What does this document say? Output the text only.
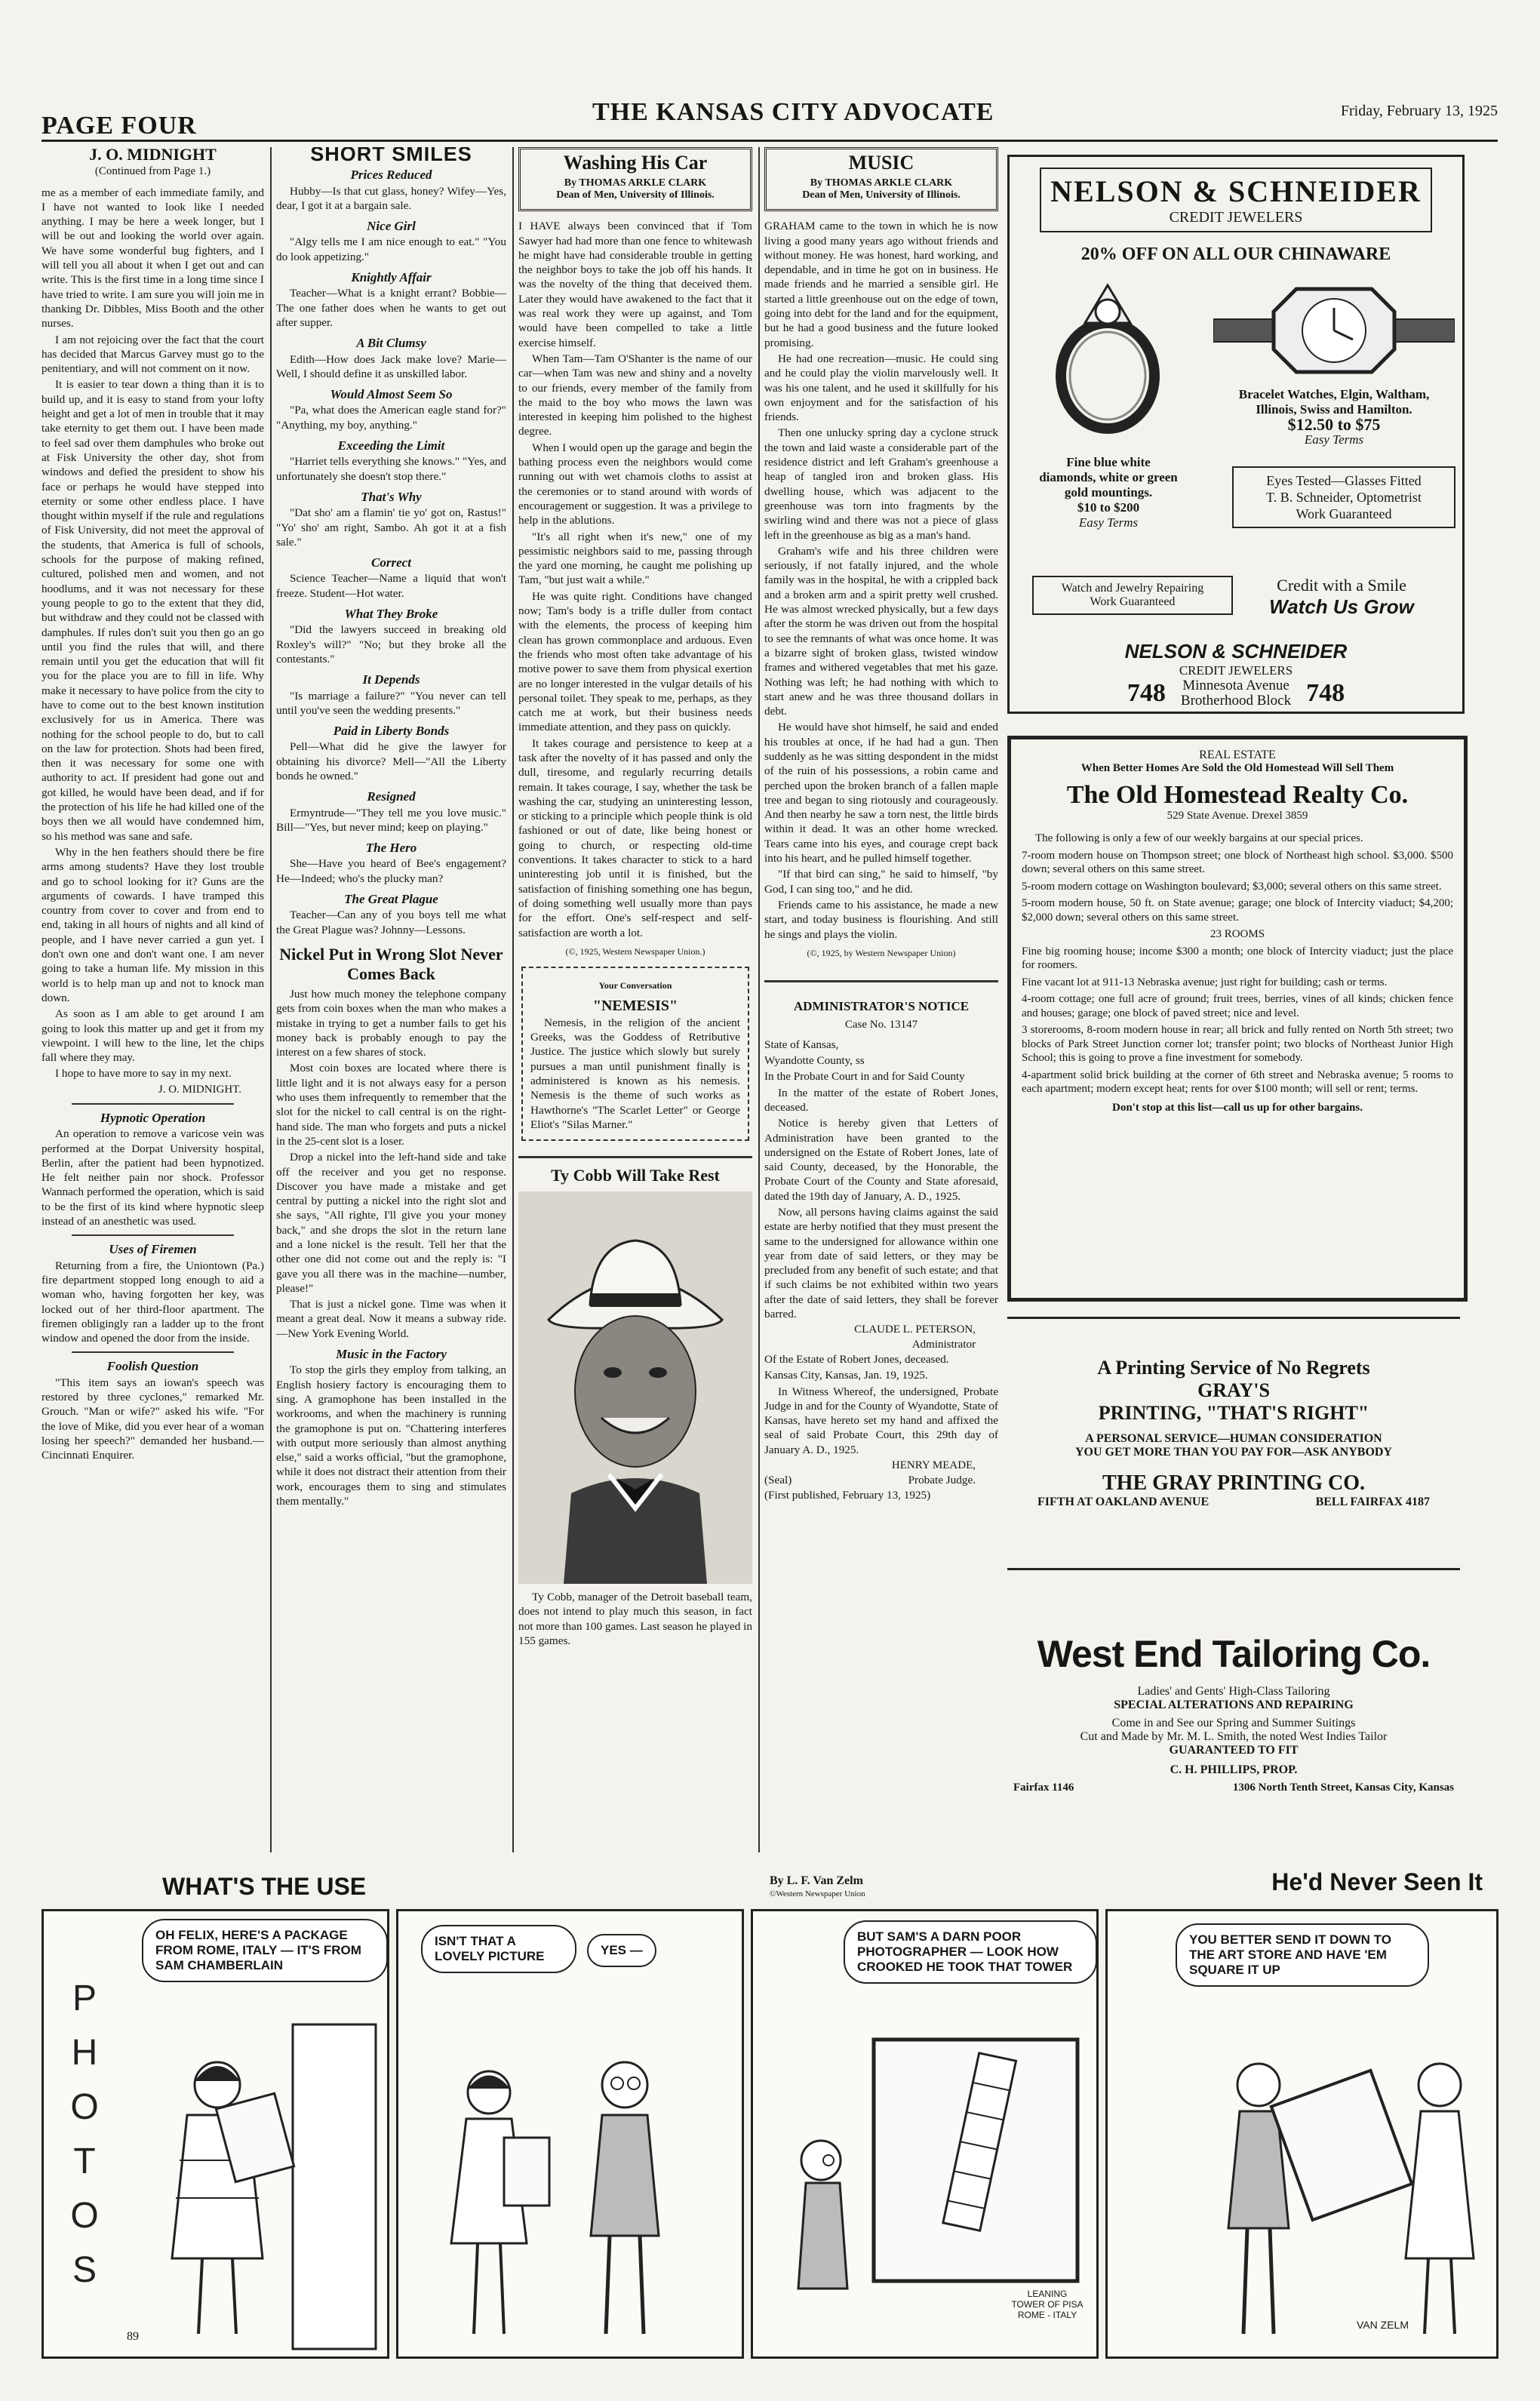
PAGE FOUR	THE KANSAS CITY ADVOCATE	Friday, February 13, 1925
J. O. MIDNIGHT
(Continued from Page 1.)

me as a member of each immediate family, and I have not wanted to look like I needed anything. I may be here a week longer, but I will be out and looking the world over again. We have some wonderful bug fighters, and I will tell you all about it when I get out and can write. This is the first time in a long time since I have tried to write. I am sure you will join me in thanking Dr. Dibbles, Miss Booth and the other nurses.

I am not rejoicing over the fact that the court has decided that Marcus Garvey must go to the penitentiary, and will not comment on it now.

It is easier to tear down a thing than it is to build up, and it is easy to stand from your lofty height and get a lot of men in trouble that it may take eternity to get them out. I have been made to feel sad over them damphules who broke out at Fisk University the other day, shot from windows and defied the president to show his face or perhaps he would have stepped into eternity or some other endless place. I have thought within myself if the rule and regulations of Fisk University, did not meet the approval of the students, that America is full of schools, schools for the purpose of making refined, cultured, polished men and women, and not hoodlums, and it was not necessary for these young people to go to the extent that they did, but withdraw and they could not be classed with damphules. If rules don't suit you then go an go until you find the rules that will, and there remain until you get the education that will fit you for the place you are to fill in life. Why make it necessary to have police from the city to have to come out to the best known institution exclusively for us in America. There was nothing for the school people to do, but to call on the law for protection. Shots had been fired, then it was necessary for some one with authority to act. If president had gone out and got killed, he would have been dead, and if for the protection of his life he had killed one of the boys then we all would have condemned him, so his method was sane and safe.

Why in the hen feathers should there be fire arms among students? Have they lost trouble and go to school looking for it? Guns are the arguments of cowards. I have tramped this country from cover to cover and from end to end, taking in all hours of nights and all kind of people, and I have never carried a gun yet. I don't own one and don't want one. I am never going to take a human life. My mission in this world is to help man up and not to knock man down.

As soon as I am able to get around I am going to look this matter up and get it from my viewpoint. I will hew to the line, let the chips fall where they may.

I hope to have more to say in my next.

J. O. MIDNIGHT.
Hypnotic Operation

An operation to remove a varicose vein was performed at the Dorpat University hospital, Berlin, after the patient had been hypnotized. He felt neither pain nor shock. Professor Wannach performed the operation, which is said to be the first of its kind where hypnotic sleep instead of an anesthetic was used.

Uses of Firemen

Returning from a fire, the Uniontown (Pa.) fire department stopped long enough to aid a woman who, having forgotten her key, was locked out of her third-floor apartment. The firemen obligingly ran a ladder up to the front window and opened the door from the inside.

Foolish Question

"This item says an iowan's speech was restored by three cyclones," remarked Mr. Grouch. "Man or wife?" asked his wife. "For the love of Mike, did you ever hear of a woman losing her speech?" demanded her husband.—Cincinnati Enquirer.

SHORT SMILES
Prices Reduced

Hubby—Is that cut glass, honey? Wifey—Yes, dear, I got it at a bargain sale.

Nice Girl

"Algy tells me I am nice enough to eat." "You do look appetizing."

Knightly Affair

Teacher—What is a knight errant? Bobbie—The one father does when he wants to get out after supper.

A Bit Clumsy

Edith—How does Jack make love? Marie—Well, I should define it as unskilled labor.

Would Almost Seem So

"Pa, what does the American eagle stand for?" "Anything, my boy, anything."

Exceeding the Limit

"Harriet tells everything she knows." "Yes, and unfortunately she doesn't stop there."

That's Why

"Dat sho' am a flamin' tie yo' got on, Rastus!" "Yo' sho' am right, Sambo. Ah got it at a fish sale."

Correct

Science Teacher—Name a liquid that won't freeze. Student—Hot water.

What They Broke

"Did the lawyers succeed in breaking old Roxley's will?" "No; but they broke all the contestants."

It Depends

"Is marriage a failure?" "You never can tell until you've seen the wedding presents."

Paid in Liberty Bonds

Pell—What did he give the lawyer for obtaining his divorce? Mell—"All the Liberty bonds he owned."

Resigned

Ermyntrude—"They tell me you love music." Bill—"Yes, but never mind; keep on playing."

The Hero

She—Have you heard of Bee's engagement? He—Indeed; who's the plucky man?

The Great Plague

Teacher—Can any of you boys tell me what the Great Plague was? Johnny—Lessons.

Nickel Put in Wrong Slot Never Comes Back

Just how much money the telephone company gets from coin boxes when the man who makes a mistake in trying to get a number fails to get his money back is probably enough to pay the interest on a few shares of stock.

Most coin boxes are located where there is little light and it is not always easy for a person who uses them infrequently to remember that the slot for the nickel to call central is on the right-hand side. The man who forgets and puts a nickel in the 25-cent slot is a loser.

Drop a nickel into the left-hand side and take off the receiver and you get no response. Discover you have made a mistake and get central by putting a nickel into the right slot and she says, "All righte, I'll give you your money back," and she drops the slot in the return lane and a lone nickel is the result. Tell her that the other one did not come out and the reply is: "I gave you all there was in the machine—number, please!"

That is just a nickel gone. Time was when it meant a great deal. Now it means a subway ride.—New York Evening World.

Music in the Factory

To stop the girls they employ from talking, an English hosiery factory is encouraging them to sing. A gramophone has been installed in the workrooms, and when the machinery is running the gramophone is put on. "Chattering interferes with output more seriously than almost anything else," said a works official, "but the gramophone, while it does not distract their attention from their work, encourages them to sing and stimulates them mentally."

Washing His Car
By THOMAS ARKLE CLARK
Dean of Men, University of Illinois.

I HAVE always been convinced that if Tom Sawyer had had more than one fence to whitewash he might have had considerable trouble in getting the neighbor boys to take the job off his hands. It was the novelty of the thing that deceived them. Later they would have awakened to the fact that it was real work they were up against, and Tom would have been compelled to take a little exercise himself.

When Tam—Tam O'Shanter is the name of our car—when Tam was new and shiny and a novelty to our friends, every member of the family from the maid to the boy who mows the lawn was interested in keeping him polished to the highest degree.

When I would open up the garage and begin the bathing process even the neighbors would come running out with wet chamois cloths to assist at the ceremonies or to stand around with words of encouragement or suggestion. It was a privilege to help in the ablutions.

"It's all right when it's new," one of my pessimistic neighbors said to me, passing through the yard one morning, he caught me polishing up Tam, "but just wait a while."

He was quite right. Conditions have changed now; Tam's body is a trifle duller from contact with the elements, the process of keeping him clean has grown commonplace and arduous. Even the friends who most often take advantage of his motive power to save them from physical exertion are no longer interested in the vulgar details of his personal toilet. They speak to me, perhaps, as they catch me at work, but their business needs immediate attention, and they pass on quickly.

It takes courage and persistence to keep at a task after the novelty of it has passed and only the dull, tiresome, and regularly recurring details remain. It takes courage, I say, whether the task be washing the car, studying an uninteresting lesson, or sticking to a principle which people think is old fashioned or out of date, like being honest or going to church, or respecting old-time conventions. It takes character to stick to a hard uninteresting job until it is finished, but the satisfaction of finishing something one has begun, of doing something well usually more than pays for the effort. One's self-respect and self-satisfaction are worth a lot.

(©, 1925, Western Newspaper Union.)
Your Conversation
"NEMESIS"

Nemesis, in the religion of the ancient Greeks, was the Goddess of Retributive Justice. The justice which slowly but surely pursues a man until punishment finally is administered is known as his nemesis. Nemesis is the theme of such works as Hawthorne's "The Scarlet Letter" or George Eliot's "Silas Marner."

Ty Cobb Will Take Rest

Ty Cobb, manager of the Detroit baseball team, does not intend to play much this season, in fact not more than 100 games. Last season he played in 155 games.

MUSIC
By THOMAS ARKLE CLARK
Dean of Men, University of Illinois.

GRAHAM came to the town in which he is now living a good many years ago without friends and without money. He was honest, hard working, and dependable, and in time he got on in business. He made friends and he married a sensible girl. He started a little greenhouse out on the edge of town, going into debt for the land and for the equipment, but he had a good business and the future looked promising.

He had one recreation—music. He could sing and he could play the violin marvelously well. It was his one talent, and he used it skillfully for his own enjoyment and for the satisfaction of his friends.

Then one unlucky spring day a cyclone struck the town and laid waste a considerable part of the residence district and left Graham's greenhouse a heap of tangled iron and broken glass. His dwelling house, which was adjacent to the greenhouse was torn into fragments by the swirling wind and there was not a piece of glass left in the greenhouse as big as a man's hand.

Graham's wife and his three children were seriously, if not fatally injured, and the whole family was in the hospital, he with a crippled back and a broken arm and a spirit pretty well crushed. He was almost wrecked physically, but a few days after the storm he was driven out from the hospital to see the remnants of what was once home. It was a bizarre sight of broken glass, twisted window frames and withered vegetables that met his gaze. Nothing was left; he had nothing with which to start anew and he was three thousand dollars in debt.

He would have shot himself, he said and ended his troubles at once, if he had had a gun. Then suddenly as he was sitting despondent in the midst of the ruin of his possessions, a robin came and perched upon the broken branch of a fallen maple tree and began to sing riotously and courageously. And then nearby he saw a torn nest, the little birds within it dead. It was an other home wrecked. Tears came into his eyes, and courage crept back into his heart, and he pulled himself together.

"If that bird can sing," he said to himself, "by God, I can sing too," and he did.

Friends came to his assistance, he made a new start, and today business is flourishing. And still he sings and plays the violin.

(©, 1925, by Western Newspaper Union)
ADMINISTRATOR'S NOTICE
Case No. 13147

State of Kansas,

Wyandotte County, ss

In the Probate Court in and for Said County

In the matter of the estate of Robert Jones, deceased.

Notice is hereby given that Letters of Administration have been granted to the undersigned on the Estate of Robert Jones, late of said County, deceased, by the Honorable, the Probate Court of the County and State aforesaid, dated the 19th day of January, A. D., 1925.

Now, all persons having claims against the said estate are herby notified that they must present the same to the undersigned for allowance within one year from date of said letters, or they may be precluded from any benefit of such estate; and that if such claims be not exhibited within two years after the date of said letters, they shall be forever barred.

CLAUDE L. PETERSON,
Administrator

Of the Estate of Robert Jones, deceased.

Kansas City, Kansas, Jan. 19, 1925.

In Witness Whereof, the undersigned, Probate Judge in and for the County of Wyandotte, State of Kansas, have hereto set my hand and affixed the seal of said Probate Court, this 29th day of January A. D., 1925.

HENRY MEADE,
(Seal)	Probate Judge.

(First published, February 13, 1925)

NELSON & SCHNEIDER
CREDIT JEWELERS
20% OFF ON ALL OUR CHINAWARE
Bracelet Watches, Elgin, Waltham, Illinois, Swiss and Hamilton.
$12.50 to $75
Easy Terms
Fine blue white diamonds, white or green gold mountings.
$10 to $200
Easy Terms
Eyes Tested—Glasses Fitted
T. B. Schneider, Optometrist
Work Guaranteed
Watch and Jewelry Repairing
Work Guaranteed
Credit with a Smile
Watch Us Grow
NELSON & SCHNEIDER
CREDIT JEWELERS
748 Minnesota Avenue
Brotherhood Block 748
REAL ESTATE
When Better Homes Are Sold the Old Homestead Will Sell Them
The Old Homestead Realty Co.
529 State Avenue. Drexel 3859

The following is only a few of our weekly bargains at our special prices.

7-room modern house on Thompson street; one block of Northeast high school. $3,000. $500 down; several others on this same street.

5-room modern cottage on Washington boulevard; $3,000; several others on this same street.

5-room modern house, 50 ft. on State avenue; garage; one block of Intercity viaduct; $4,200; $2,000 down; several others on this same street.

23 ROOMS

Fine big rooming house; income $300 a month; one block of Intercity viaduct; just the place for roomers.

Fine vacant lot at 911-13 Nebraska avenue; just right for building; cash or terms.

4-room cottage; one full acre of ground; fruit trees, berries, vines of all kinds; chicken fence and houses; garage; one block of paved street; nice and level.

3 storerooms, 8-room modern house in rear; all brick and fully rented on North 5th street; two blocks of Park Street Junction corner lot; transfer point; two blocks of Northeast Junior High School; this is going to prove a fine investment for somebody.

4-apartment solid brick building at the corner of 6th street and Nebraska avenue; 5 rooms to each apartment; modern except heat; rents for over $100 month; will sell or rent; terms.

Don't stop at this list—call us up for other bargains.
A Printing Service of No Regrets
GRAY'S
PRINTING, "THAT'S RIGHT"
A PERSONAL SERVICE—HUMAN CONSIDERATION
YOU GET MORE THAN YOU PAY FOR—ASK ANYBODY
THE GRAY PRINTING CO.
FIFTH AT OAKLAND AVENUE	BELL FAIRFAX 4187
West End Tailoring Co.
Ladies' and Gents' High-Class Tailoring
SPECIAL ALTERATIONS AND REPAIRING
Come in and See our Spring and Summer Suitings
Cut and Made by Mr. M. L. Smith, the noted West Indies Tailor
GUARANTEED TO FIT
C. H. PHILLIPS, PROP.
Fairfax 1146	1306 North Tenth Street, Kansas City, Kansas
WHAT'S THE USE	By L. F. Van Zelm
©Western Newspaper Union	He'd Never Seen It
P
H
O
T
O
S
89
OH FELIX, HERE'S A PACKAGE FROM ROME, ITALY — IT'S FROM SAM CHAMBERLAIN
ISN'T THAT A LOVELY PICTURE	YES —
BUT SAM'S A DARN POOR PHOTOGRAPHER — LOOK HOW CROOKED HE TOOK THAT TOWER
LEANING TOWER OF PISA ROME - ITALY
YOU BETTER SEND IT DOWN TO THE ART STORE AND HAVE 'EM SQUARE IT UP
VAN ZELM
